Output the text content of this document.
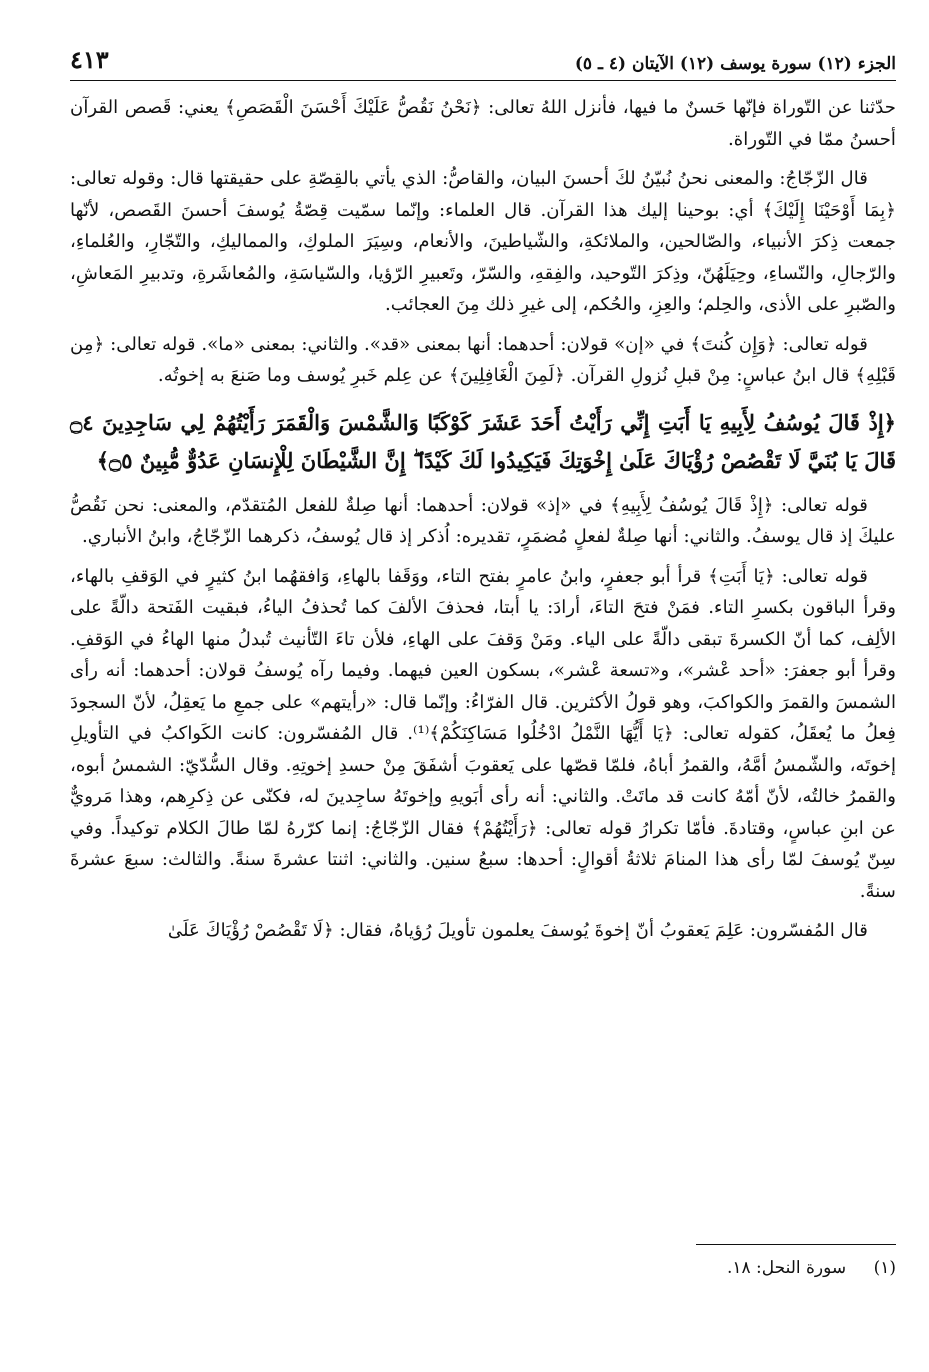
الجزء (١٢) سورة يوسف (١٢) الآيتان (٤ ـ ٥)
٤١٣

حدّثنا عن التّوراة فإنّها حَسنٌ ما فيها، فأنزل اللهُ تعالى: ﴿نَحْنُ نَقُصُّ عَلَيْكَ أَحْسَنَ الْقَصَصِ﴾ يعني: قَصص القرآن أحسنُ ممّا في التّوراة.

قال الزّجّاجُ: والمعنى نحنُ نُبيّنُ لكَ أحسنَ البيان، والقاصُّ: الذي يأتي بالقِصّةِ على حقيقتها قال: وقوله تعالى: ﴿بِمَا أَوْحَيْنَا إِلَيْكَ﴾ أي: بوحينا إليك هذا القرآن. قال العلماء: وإنّما سمّيت قِصّةُ يُوسفَ أحسنَ القَصص، لأنّها جمعت ذِكرَ الأنبياء، والصّالحين، والملائكةِ، والشّياطينَ، والأنعام، وسِيَرَ الملوكِ، والمماليكِ، والتّجّارِ، والعُلماءِ، والرّجالِ، والنّساءِ، وحِيَلَهُنّ، وذِكرَ التّوحيد، والفِقهِ، والسّرّ، وتَعبيرِ الرّؤيا، والسّياسَةِ، والمُعاشَرةِ، وتدبيرِ المَعاشِ، والصّبرِ على الأذى، والحِلم؛ والعِزِ، والحُكم، إلى غيرِ ذلك مِنَ العجائب.

قوله تعالى: ﴿وَإِن كُنتَ﴾ في «إن» قولان: أحدهما: أنها بمعنى «قد». والثاني: بمعنى «ما». قوله تعالى: ﴿مِن قَبْلِهِ﴾ قال ابنُ عباسٍ: مِنْ قبلِ نُزولِ القرآن. ﴿لَمِنَ الْغَافِلِينَ﴾ عن عِلم خَبرِ يُوسف وما صَنعَ به إخوتُه.

﴿إِذْ قَالَ يُوسُفُ لِأَبِيهِ يَا أَبَتِ إِنِّي رَأَيْتُ أَحَدَ عَشَرَ كَوْكَبًا وَالشَّمْسَ وَالْقَمَرَ رَأَيْتُهُمْ لِي سَاجِدِينَ ۝٤ قَالَ يَا بُنَيَّ لَا تَقْصُصْ رُؤْيَاكَ عَلَىٰ إِخْوَتِكَ فَيَكِيدُوا لَكَ كَيْدًا ۖ إِنَّ الشَّيْطَانَ لِلْإِنسَانِ عَدُوٌّ مُّبِينٌ ۝٥﴾

قوله تعالى: ﴿إِذْ قَالَ يُوسُفُ لِأَبِيهِ﴾ في «إذ» قولان: أحدهما: أنها صِلةٌ للفعل المُتقدّم، والمعنى: نحن نَقُصُّ عليكَ إذ قال يوسفُ. والثاني: أنها صِلةٌ لفعلٍ مُضمَرٍ، تقديره: اُذكر إذ قال يُوسفُ، ذكرهما الزّجّاجُ، وابنُ الأنباري.

قوله تعالى: ﴿يَا أَبَتِ﴾ قرأ أبو جعفرٍ، وابنُ عامرٍ بفتح التاء، ووَقَفا بالهاءِ، وَافقهُما ابنُ كثيرٍ في الوَقفِ بالهاء، وقرأ الباقون بكسرِ التاء. فمَنْ فتحَ التاءَ، أرادَ: يا أبتا، فحذفَ الألفَ كما تُحذفُ الياءُ، فبقيت الفَتحة دالّةً على الألِف، كما أنّ الكسرةَ تبقى دالّةً على الياء. ومَنْ وَقفَ على الهاءِ، فلأن تاءَ التّأنيث تُبدلُ منها الهاءُ في الوَقفِ. وقرأ أبو جعفرَ: «أحد عْشر»، و«تسعة عْشر»، بسكون العين فيهما. وفيما رآه يُوسفُ قولان: أحدهما: أنه رأى الشمسَ والقمرَ والكواكبَ، وهو قولُ الأكثرين. قال الفرّاءُ: وإنّما قال: «رأيتهم» على جمعِ ما يَعقِلُ، لأنّ السجودَ فِعلُ ما يُعقَلُ، كقوله تعالى: ﴿يَا أَيُّهَا النَّمْلُ ادْخُلُوا مَسَاكِنَكُمْ﴾⁽¹⁾. قال المُفسّرون: كانت الكَواكبُ في التأويلِ إخوتَه، والشّمسُ أمَّهُ، والقمرُ أباهُ، فلمّا قصّها على يَعقوبَ أشفَقَ مِنْ حسدِ إخوتِهِ. وقال السُّدّيّ: الشمسُ أبوه، والقمرُ خالتُه، لأنّ أمّهُ كانت قد ماتَتْ. والثاني: أنه رأى أبَويهِ وإخوتَهُ ساجِدينَ له، فكنّى عن ذِكرِهم، وهذا مَرويٌّ عن ابنِ عباسٍ، وقتادةَ. فأمّا تكرارُ قوله تعالى: ﴿رَأَيْتُهُمْ﴾ فقال الزّجّاجُ: إنما كرّرهُ لمّا طالَ الكلام توكيداً. وفي سِنّ يُوسفَ لمّا رأى هذا المنامَ ثلاثةُ أقوالٍ: أحدها: سبعُ سنين. والثاني: اثنتا عشرةَ سنةً. والثالث: سبعَ عشرةَ سنةً.

قال المُفسّرون: عَلِمَ يَعقوبُ أنّ إخوةَ يُوسفَ يعلمون تأويلَ رُؤياهُ، فقال: ﴿لَا تَقْصُصْ رُؤْيَاكَ عَلَىٰ

(١) سورة النحل: ١٨.
